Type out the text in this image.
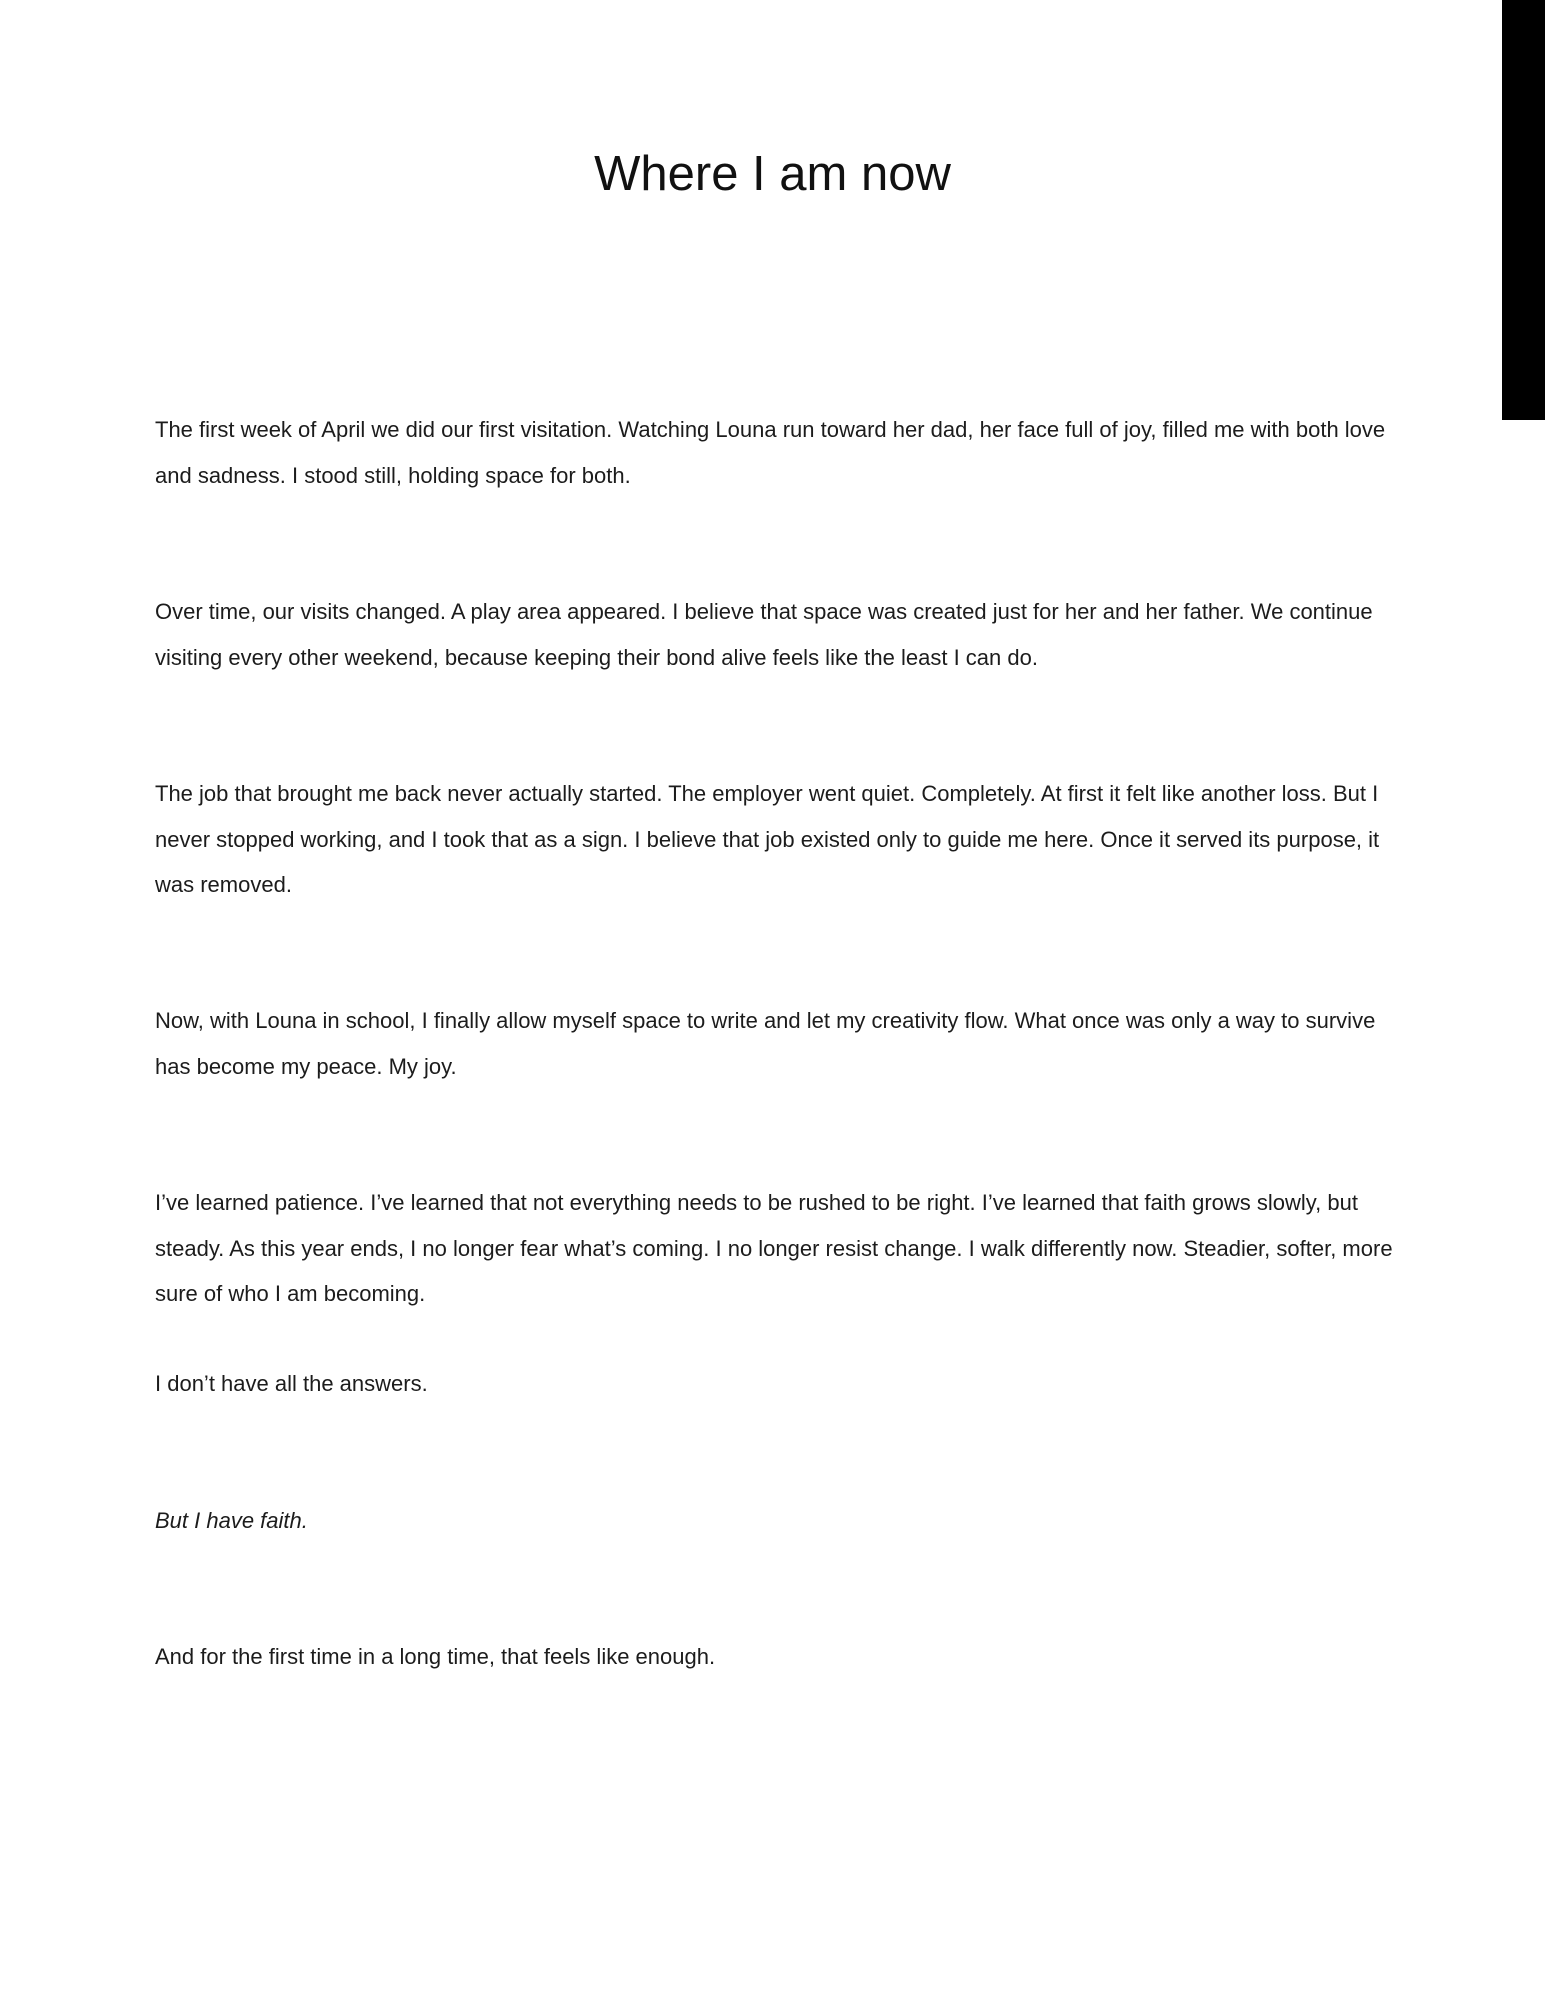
Where I am now

The first week of April we did our first visitation. Watching Louna run toward her dad, her face full of joy, filled me with both love and sadness. I stood still, holding space for both.

Over time, our visits changed. A play area appeared. I believe that space was created just for her and her father. We continue visiting every other weekend, because keeping their bond alive feels like the least I can do.

The job that brought me back never actually started. The employer went quiet. Completely. At first it felt like another loss. But I never stopped working, and I took that as a sign. I believe that job existed only to guide me here. Once it served its purpose, it was removed.

Now, with Louna in school, I finally allow myself space to write and let my creativity flow. What once was only a way to survive has become my peace. My joy.

I’ve learned patience. I’ve learned that not everything needs to be rushed to be right. I’ve learned that faith grows slowly, but steady. As this year ends, I no longer fear what’s coming. I no longer resist change. I walk differently now. Steadier, softer, more sure of who I am becoming.

I don’t have all the answers.

But I have faith.

And for the first time in a long time, that feels like enough.
